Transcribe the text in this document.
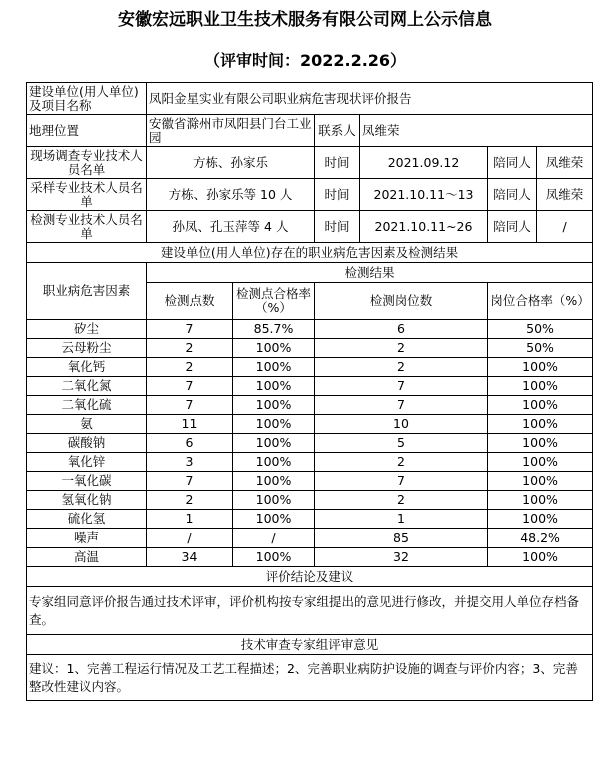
安徽宏远职业卫生技术服务有限公司网上公示信息
（评审时间：2022.2.26）
建设单位(用人单位)及项目名称	凤阳金星实业有限公司职业病危害现状评价报告					
地理位置	安徽省滁州市凤阳县门台工业园		联系人	凤维荣		
现场调查专业技术人员名单	方栋、孙家乐		时间	2021.09.12	陪同人	凤维荣
采样专业技术人员名单	方栋、孙家乐等 10 人		时间	2021.10.11～13	陪同人	凤维荣
检测专业技术人员名单	孙凤、孔玉萍等 4 人		时间	2021.10.11~26	陪同人	/
建设单位(用人单位)存在的职业病危害因素及检测结果						
职业病危害因素	检测结果					
	检测点数	检测点合格率（%）	检测岗位数		岗位合格率（%）	
矽尘	7	85.7%	6		50%	
云母粉尘	2	100%	2		50%	
氧化钙	2	100%	2		100%	
二氧化氮	7	100%	7		100%	
二氧化硫	7	100%	7		100%	
氨	11	100%	10		100%	
碳酸钠	6	100%	5		100%	
氧化锌	3	100%	2		100%	
一氧化碳	7	100%	7		100%	
氢氧化钠	2	100%	2		100%	
硫化氢	1	100%	1		100%	
噪声	/	/	85		48.2%	
高温	34	100%	32		100%	
评价结论及建议						
专家组同意评价报告通过技术评审，评价机构按专家组提出的意见进行修改，并提交用人单位存档备查。						
技术审查专家组评审意见						
建议：1、完善工程运行情况及工艺工程描述；2、完善职业病防护设施的调查与评价内容；3、完善整改性建议内容。						
